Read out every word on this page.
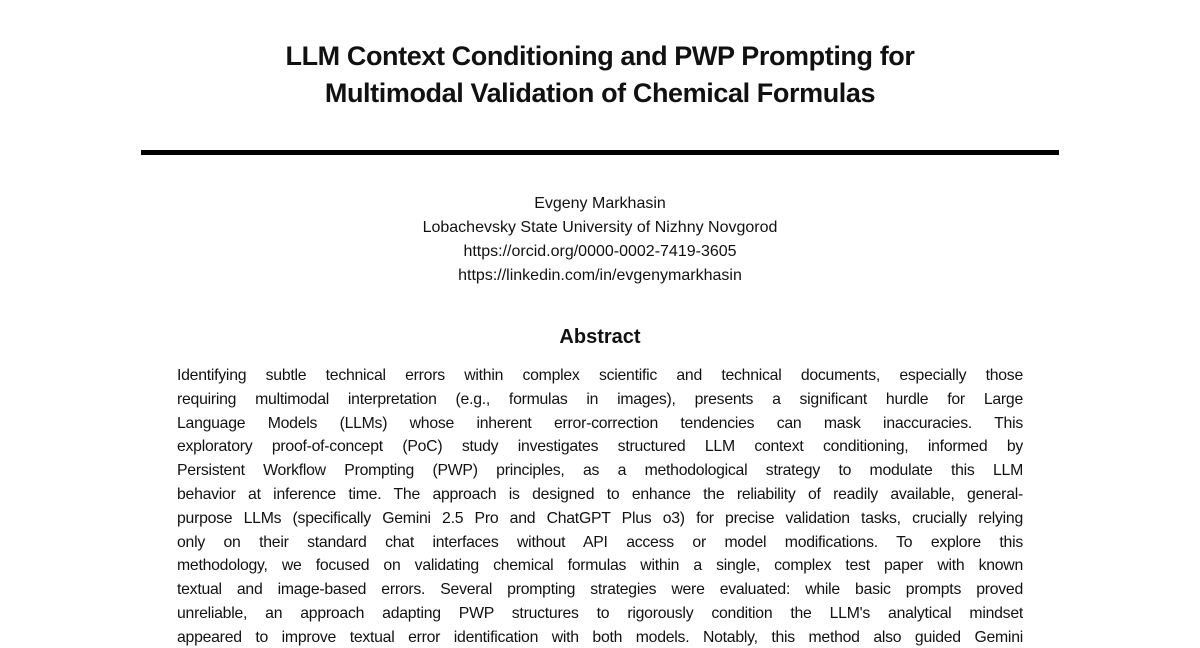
LLM Context Conditioning and PWP Prompting for
Multimodal Validation of Chemical Formulas
Evgeny Markhasin
Lobachevsky State University of Nizhny Novgorod
https://orcid.org/0000-0002-7419-3605
https://linkedin.com/in/evgenymarkhasin
Abstract
Identifying subtle technical errors within complex scientific and technical documents, especially those
requiring multimodal interpretation (e.g., formulas in images), presents a significant hurdle for Large
Language Models (LLMs) whose inherent error-correction tendencies can mask inaccuracies. This
exploratory proof-of-concept (PoC) study investigates structured LLM context conditioning, informed by
Persistent Workflow Prompting (PWP) principles, as a methodological strategy to modulate this LLM
behavior at inference time. The approach is designed to enhance the reliability of readily available, general-
purpose LLMs (specifically Gemini 2.5 Pro and ChatGPT Plus o3) for precise validation tasks, crucially relying
only on their standard chat interfaces without API access or model modifications. To explore this
methodology, we focused on validating chemical formulas within a single, complex test paper with known
textual and image-based errors. Several prompting strategies were evaluated: while basic prompts proved
unreliable, an approach adapting PWP structures to rigorously condition the LLM's analytical mindset
appeared to improve textual error identification with both models. Notably, this method also guided Gemini
